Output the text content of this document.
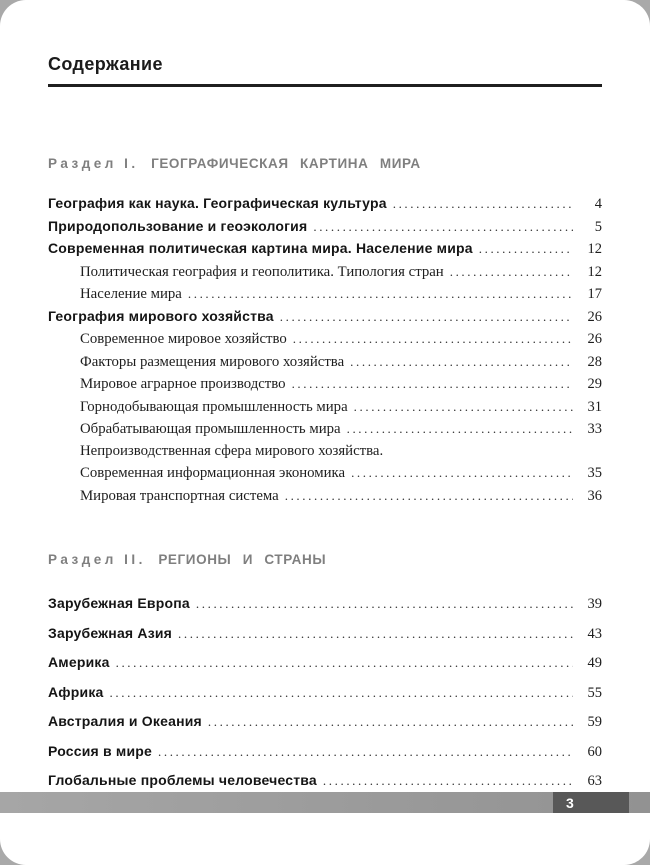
Содержание
Раздел I. ГЕОГРАФИЧЕСКАЯ КАРТИНА МИРА
География как наука. Географическая культура .....	4
Природопользование и геоэкология .....	5
Современная политическая картина мира. Население мира .....	12
Политическая география и геополитика. Типология стран .....	12
Население мира .....	17
География мирового хозяйства .....	26
Современное мировое хозяйство .....	26
Факторы размещения мирового хозяйства .....	28
Мировое аграрное производство .....	29
Горнодобывающая промышленность мира .....	31
Обрабатывающая промышленность мира .....	33
Непроизводственная сфера мирового хозяйства.
Современная информационная экономика .....	35
Мировая транспортная система .....	36
Раздел II. РЕГИОНЫ И СТРАНЫ
Зарубежная Европа .....	39
Зарубежная Азия .....	43
Америка .....	49
Африка .....	55
Австралия и Океания .....	59
Россия в мире .....	60
Глобальные проблемы человечества .....	63
3
